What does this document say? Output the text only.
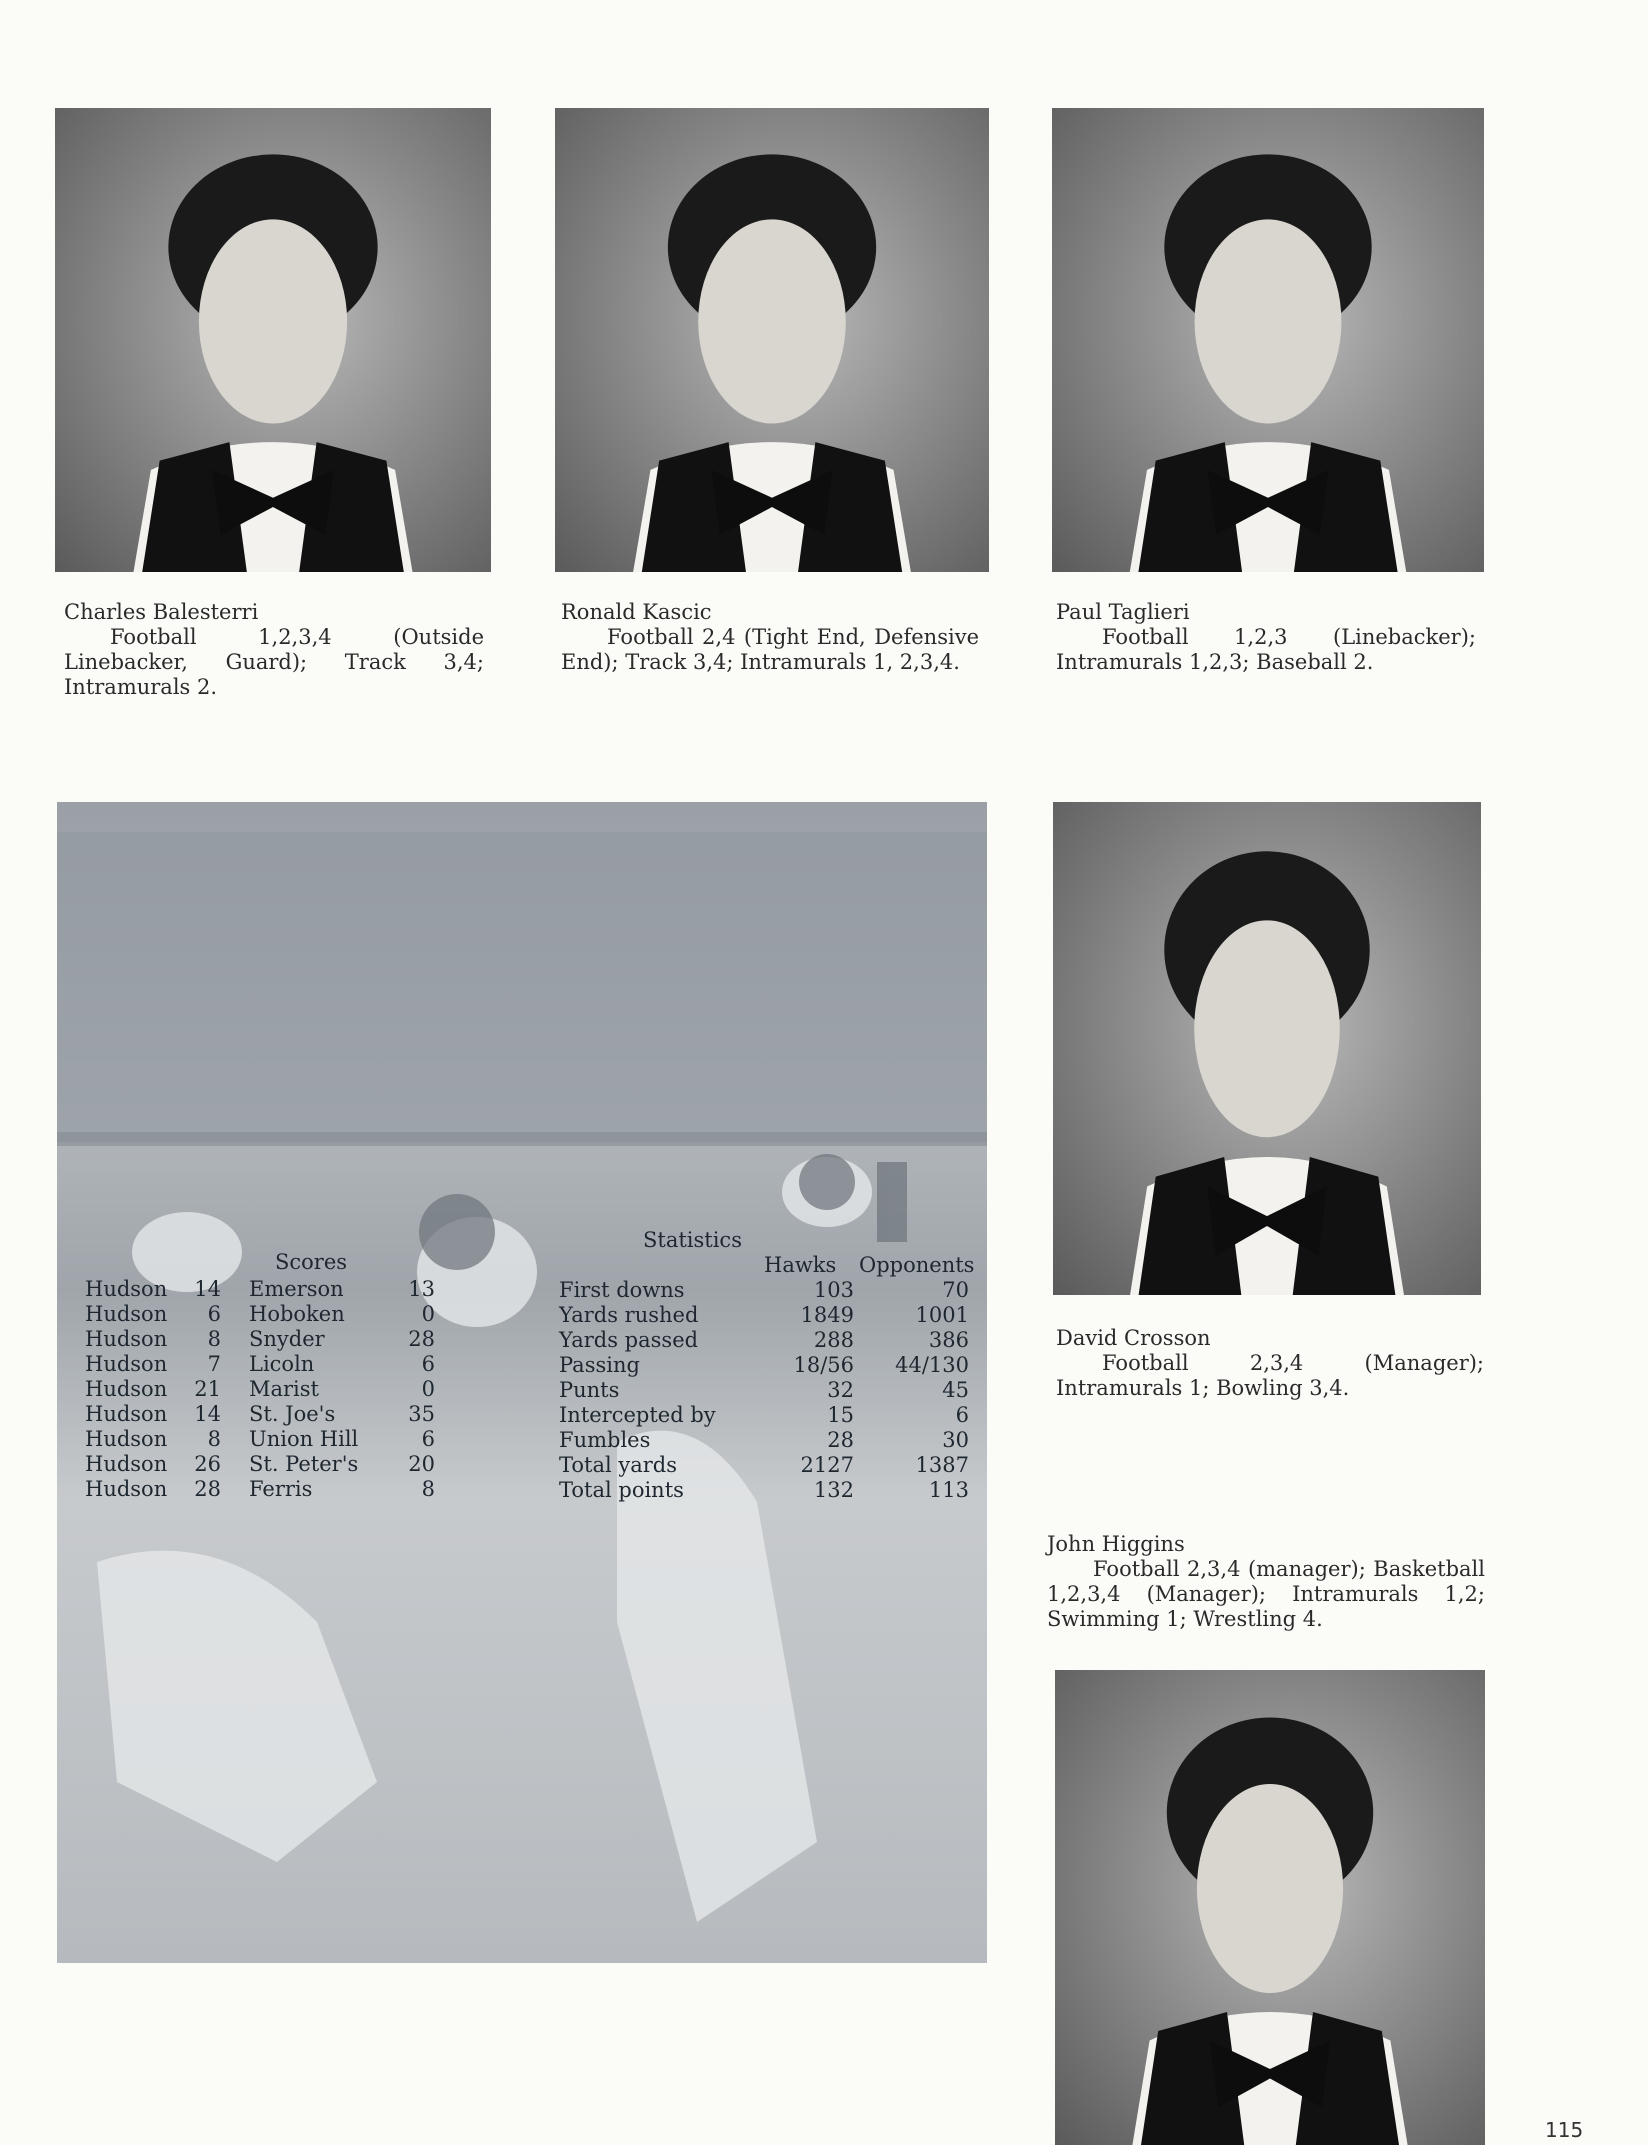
Charles Balesterri
Football 1,2,3,4 (Outside Linebacker, Guard); Track 3,4; Intramurals 2.
Ronald Kascic
Football 2,4 (Tight End, Defensive End); Track 3,4; Intramurals 1, 2,3,4.
Paul Taglieri
Football 1,2,3 (Linebacker); Intramurals 1,2,3; Baseball 2.
Scores
Hudson	14	Emerson	13
Hudson	6	Hoboken	0
Hudson	8	Snyder	28
Hudson	7	Licoln	6
Hudson	21	Marist	0
Hudson	14	St. Joe's	35
Hudson	8	Union Hill	6
Hudson	26	St. Peter's	20
Hudson	28	Ferris	8
Statistics
Hawks Opponents
First downs	103	70
Yards rushed	1849	1001
Yards passed	288	386
Passing	18/56	44/130
Punts	32	45
Intercepted by	15	6
Fumbles	28	30
Total yards	2127	1387
Total points	132	113
David Crosson
Football 2,3,4 (Manager); Intramurals 1; Bowling 3,4.
John Higgins
Football 2,3,4 (manager); Basketball 1,2,3,4 (Manager); Intramurals 1,2; Swimming 1; Wrestling 4.
115
